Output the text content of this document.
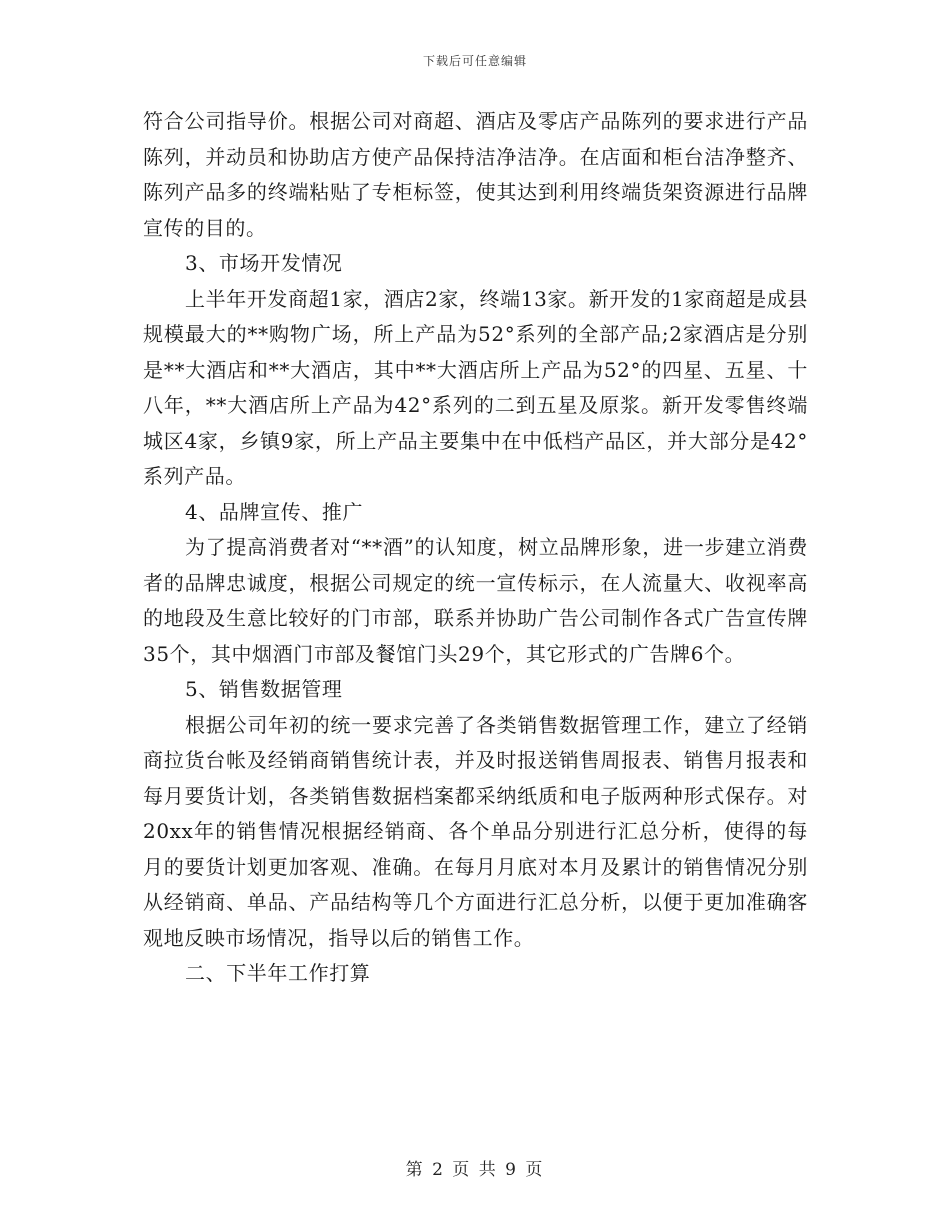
下载后可任意编辑

符合公司指导价。根据公司对商超、酒店及零店产品陈列的要求进行产品陈列，并动员和协助店方使产品保持洁净洁净。在店面和柜台洁净整齐、陈列产品多的终端粘贴了专柜标签，使其达到利用终端货架资源进行品牌宣传的目的。

3、市场开发情况

上半年开发商超1家，酒店2家，终端13家。新开发的1家商超是成县规模最大的**购物广场，所上产品为52°系列的全部产品;2家酒店是分别是**大酒店和**大酒店，其中**大酒店所上产品为52°的四星、五星、十八年，**大酒店所上产品为42°系列的二到五星及原浆。新开发零售终端城区4家，乡镇9家，所上产品主要集中在中低档产品区，并大部分是42°系列产品。

4、品牌宣传、推广

为了提高消费者对“**酒”的认知度，树立品牌形象，进一步建立消费者的品牌忠诚度，根据公司规定的统一宣传标示，在人流量大、收视率高的地段及生意比较好的门市部，联系并协助广告公司制作各式广告宣传牌35个，其中烟酒门市部及餐馆门头29个，其它形式的广告牌6个。

5、销售数据管理

根据公司年初的统一要求完善了各类销售数据管理工作，建立了经销商拉货台帐及经销商销售统计表，并及时报送销售周报表、销售月报表和每月要货计划，各类销售数据档案都采纳纸质和电子版两种形式保存。对20xx年的销售情况根据经销商、各个单品分别进行汇总分析，使得的每月的要货计划更加客观、准确。在每月月底对本月及累计的销售情况分别从经销商、单品、产品结构等几个方面进行汇总分析，以便于更加准确客观地反映市场情况，指导以后的销售工作。

二、下半年工作打算

第 2 页 共 9 页
